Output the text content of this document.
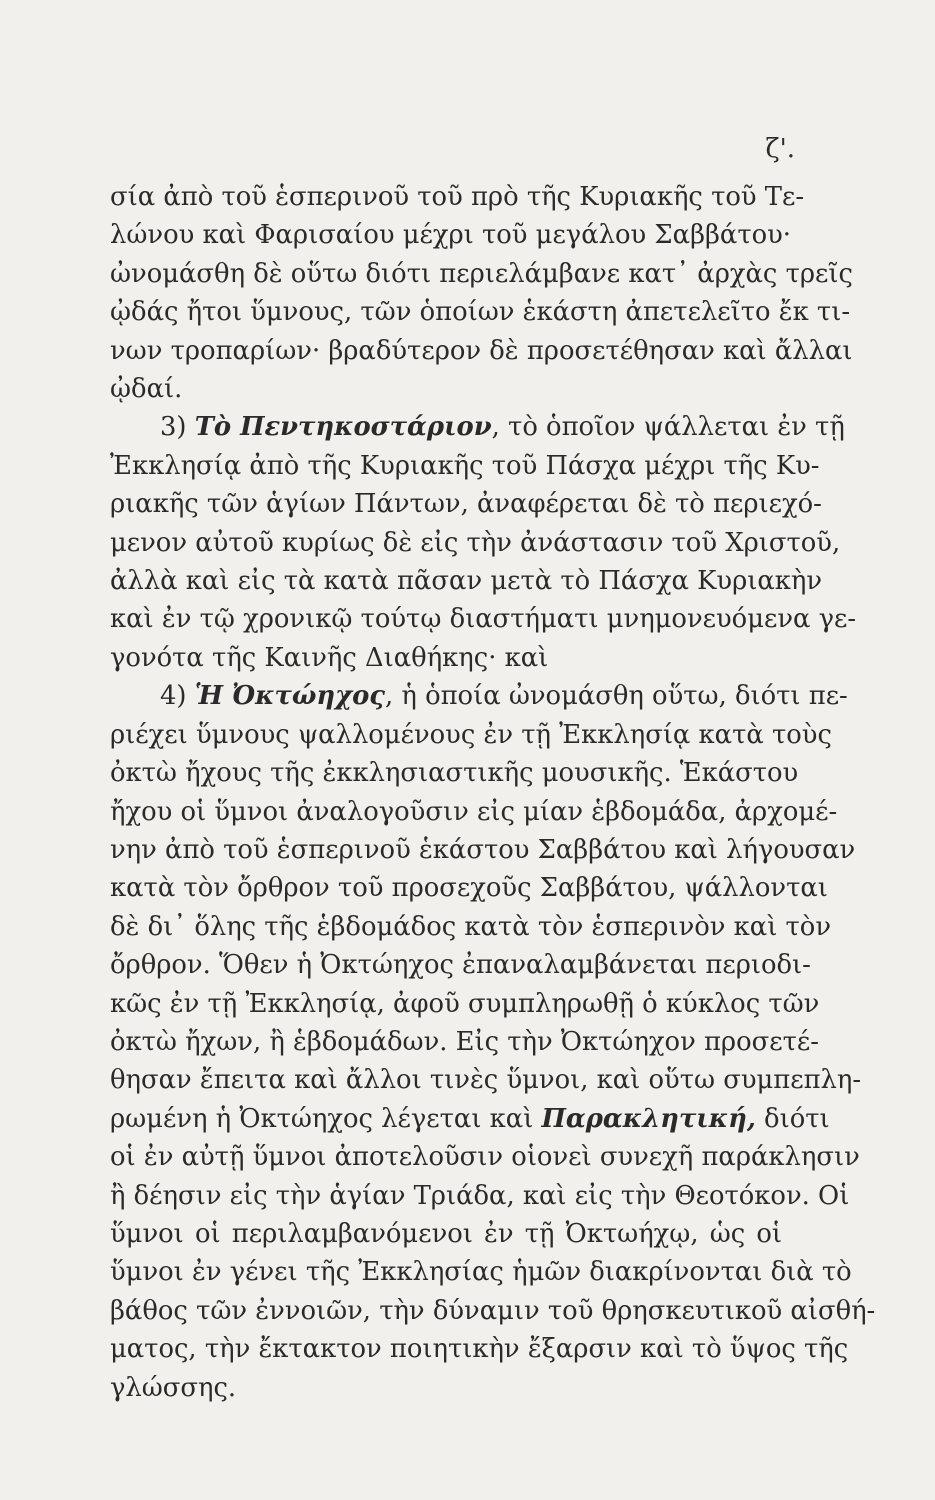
ζ'.
σία ἀπὸ τοῦ ἑσπερινοῦ τοῦ πρὸ τῆς Κυριακῆς τοῦ Τε-
λώνου καὶ Φαρισαίου μέχρι τοῦ μεγάλου Σαββάτου·
ὠνομάσθη δὲ οὕτω διότι περιελάμβανε κατ᾽ ἀρχὰς τρεῖς
ᾠδάς ἤτοι ὕμνους, τῶν ὁποίων ἑκάστη ἀπετελεῖτο ἔκ τι-
νων τροπαρίων· βραδύτερον δὲ προσετέθησαν καὶ ἄλλαι
ᾠδαί.
3) Τὸ Πεντηκοστάριον, τὸ ὁποῖον ψάλλεται ἐν τῇ
Ἐκκλησίᾳ ἀπὸ τῆς Κυριακῆς τοῦ Πάσχα μέχρι τῆς Κυ-
ριακῆς τῶν ἁγίων Πάντων, ἀναφέρεται δὲ τὸ περιεχό-
μενον αὐτοῦ κυρίως δὲ εἰς τὴν ἀνάστασιν τοῦ Χριστοῦ,
ἀλλὰ καὶ εἰς τὰ κατὰ πᾶσαν μετὰ τὸ Πάσχα Κυριακὴν
καὶ ἐν τῷ χρονικῷ τούτῳ διαστήματι μνημονευόμενα γε-
γονότα τῆς Καινῆς Διαθήκης· καὶ
4) Ἡ Ὀκτώηχος, ἡ ὁποία ὠνομάσθη οὕτω, διότι πε-
ριέχει ὕμνους ψαλλομένους ἐν τῇ Ἐκκλησίᾳ κατὰ τοὺς
ὀκτὼ ἤχους τῆς ἐκκλησιαστικῆς μουσικῆς. Ἑκάστου
ἤχου οἱ ὕμνοι ἀναλογοῦσιν εἰς μίαν ἑβδομάδα, ἀρχομέ-
νην ἀπὸ τοῦ ἑσπερινοῦ ἑκάστου Σαββάτου καὶ λήγουσαν
κατὰ τὸν ὄρθρον τοῦ προσεχοῦς Σαββάτου, ψάλλονται
δὲ δι᾽ ὅλης τῆς ἑβδομάδος κατὰ τὸν ἑσπερινὸν καὶ τὸν
ὄρθρον. Ὅθεν ἡ Ὀκτώηχος ἐπαναλαμβάνεται περιοδι-
κῶς ἐν τῇ Ἐκκλησίᾳ, ἀφοῦ συμπληρωθῇ ὁ κύκλος τῶν
ὀκτὼ ἤχων, ἢ ἑβδομάδων. Εἰς τὴν Ὀκτώηχον προσετέ-
θησαν ἔπειτα καὶ ἄλλοι τινὲς ὕμνοι, καὶ οὕτω συμπεπλη-
ρωμένη ἡ Ὀκτώηχος λέγεται καὶ Παρακλητική, διότι
οἱ ἐν αὐτῇ ὕμνοι ἀποτελοῦσιν οἱονεὶ συνεχῆ παράκλησιν
ἢ δέησιν εἰς τὴν ἁγίαν Τριάδα, καὶ εἰς τὴν Θεοτόκον. Οἱ
ὕμνοι οἱ περιλαμβανόμενοι ἐν τῇ Ὀκτωήχῳ, ὡς οἱ
ὕμνοι ἐν γένει τῆς Ἐκκλησίας ἡμῶν διακρίνονται διὰ τὸ
βάθος τῶν ἐννοιῶν, τὴν δύναμιν τοῦ θρησκευτικοῦ αἰσθή-
ματος, τὴν ἔκτακτον ποιητικὴν ἔξαρσιν καὶ τὸ ὕψος τῆς
γλώσσης.
